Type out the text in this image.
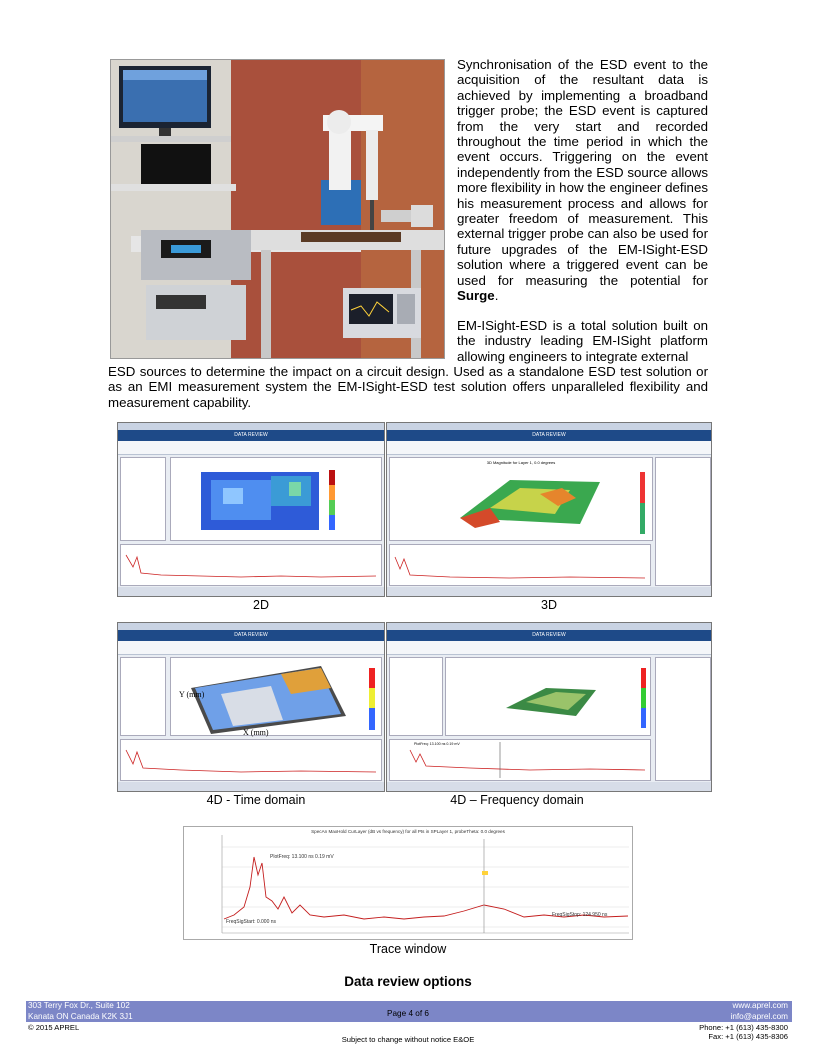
Synchronisation of the ESD event to the acquisition of the resultant data is achieved by implementing a broadband trigger probe; the ESD event is captured from the very start and recorded throughout the time period in which the event occurs. Triggering on the event independently from the ESD source allows more flexibility in how the engineer defines his measurement process and allows for greater freedom of measurement. This external trigger probe can also be used for future upgrades of the EM-ISight-ESD solution where a triggered event can be used for measuring the potential for Surge.

EM-ISight-ESD is a total solution built on the industry leading EM-ISight platform allowing engineers to integrate external

ESD sources to determine the impact on a circuit design. Used as a standalone ESD test solution or as an EMI measurement system the EM-ISight-ESD test solution offers unparalleled flexibility and measurement capability.

DATA REVIEW
2D
DATA REVIEW
3D Magnitude for Layer 1, 0.0 degrees
3D
DATA REVIEW
Y (mm)
X (mm)
4D - Time domain
DATA REVIEW
PlotFreq: 13.100 ns 0.19 mV
4D – Frequency domain
SpecAn MaxHold CurLayer (dB vs frequency) for all Pts in SPLayer 1, probeTheta: 0.0 degrees
PlotFreq: 13.100 ns 0.19 mV
FreqSigStart: 0.000 ns
FreqSigStop: 124.950 ns
Trace window
Data review options
303 Terry Fox Dr., Suite 102
Kanata ON Canada K2K 3J1
www.aprel.com
info@aprel.com
Page 4 of 6
© 2015 APREL	Phone: +1 (613) 435-8300
Fax: +1 (613) 435-8306
Subject to change without notice E&OE
